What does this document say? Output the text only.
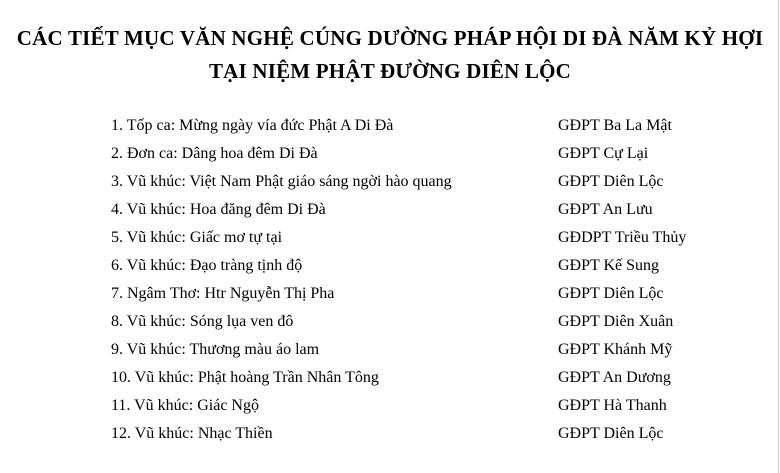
CÁC TIẾT MỤC VĂN NGHỆ CÚNG DƯỜNG PHÁP HỘI DI ĐÀ NĂM KỶ HỢI
TẠI NIỆM PHẬT ĐƯỜNG DIÊN LỘC
1. Tốp ca: Mừng ngày vía đức Phật A Di Đà	GĐPT Ba La Mật
2. Đơn ca: Dâng hoa đêm Di Đà	GĐPT Cự Lại
3. Vũ khúc: Việt Nam Phật giáo sáng ngời hào quang	GĐPT Diên Lộc
4. Vũ khúc: Hoa đăng đêm Di Đà	GĐPT An Lưu
5. Vũ khúc: Giấc mơ tự tại	GĐDPT Triều Thủy
6. Vũ khúc: Đạo tràng tịnh độ	GĐPT Kế Sung
7. Ngâm Thơ: Htr Nguyễn Thị Pha	GĐPT Diên Lộc
8. Vũ khúc: Sóng lụa ven đô	GĐPT Diên Xuân
9. Vũ khúc: Thương màu áo lam	GĐPT Khánh Mỹ
10. Vũ khúc: Phật hoàng Trần Nhân Tông	GĐPT An Dương
11. Vũ khúc: Giác Ngộ	GĐPT Hà Thanh
12. Vũ khúc: Nhạc Thiền	GĐPT Diên Lộc
